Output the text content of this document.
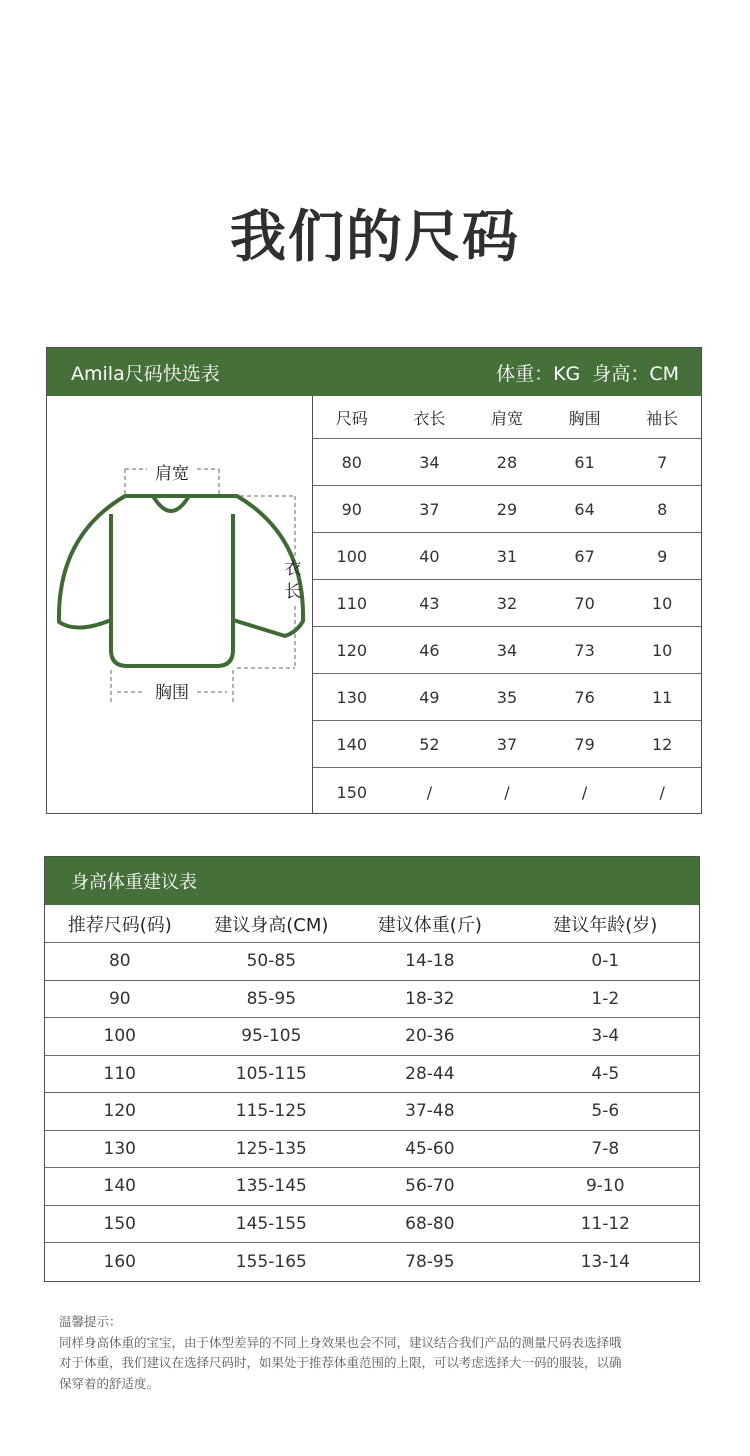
我们的尺码
Amila尺码快选表	体重：KG 身高：CM
肩宽
衣
长
胸围
尺码	衣长	肩宽	胸围	袖长
80	34	28	61	7
90	37	29	64	8
100	40	31	67	9
110	43	32	70	10
120	46	34	73	10
130	49	35	76	11
140	52	37	79	12
150	/	/	/	/
身高体重建议表
推荐尺码(码)	建议身高(CM)	建议体重(斤)	建议年龄(岁)
80	50-85	14-18	0-1
90	85-95	18-32	1-2
100	95-105	20-36	3-4
110	105-115	28-44	4-5
120	115-125	37-48	5-6
130	125-135	45-60	7-8
140	135-145	56-70	9-10
150	145-155	68-80	11-12
160	155-165	78-95	13-14

温馨提示：

同样身高体重的宝宝，由于体型差异的不同上身效果也会不同，建议结合我们产品的测量尺码表选择哦

对于体重，我们建议在选择尺码时，如果处于推荐体重范围的上限，可以考虑选择大一码的服装，以确

保穿着的舒适度。
